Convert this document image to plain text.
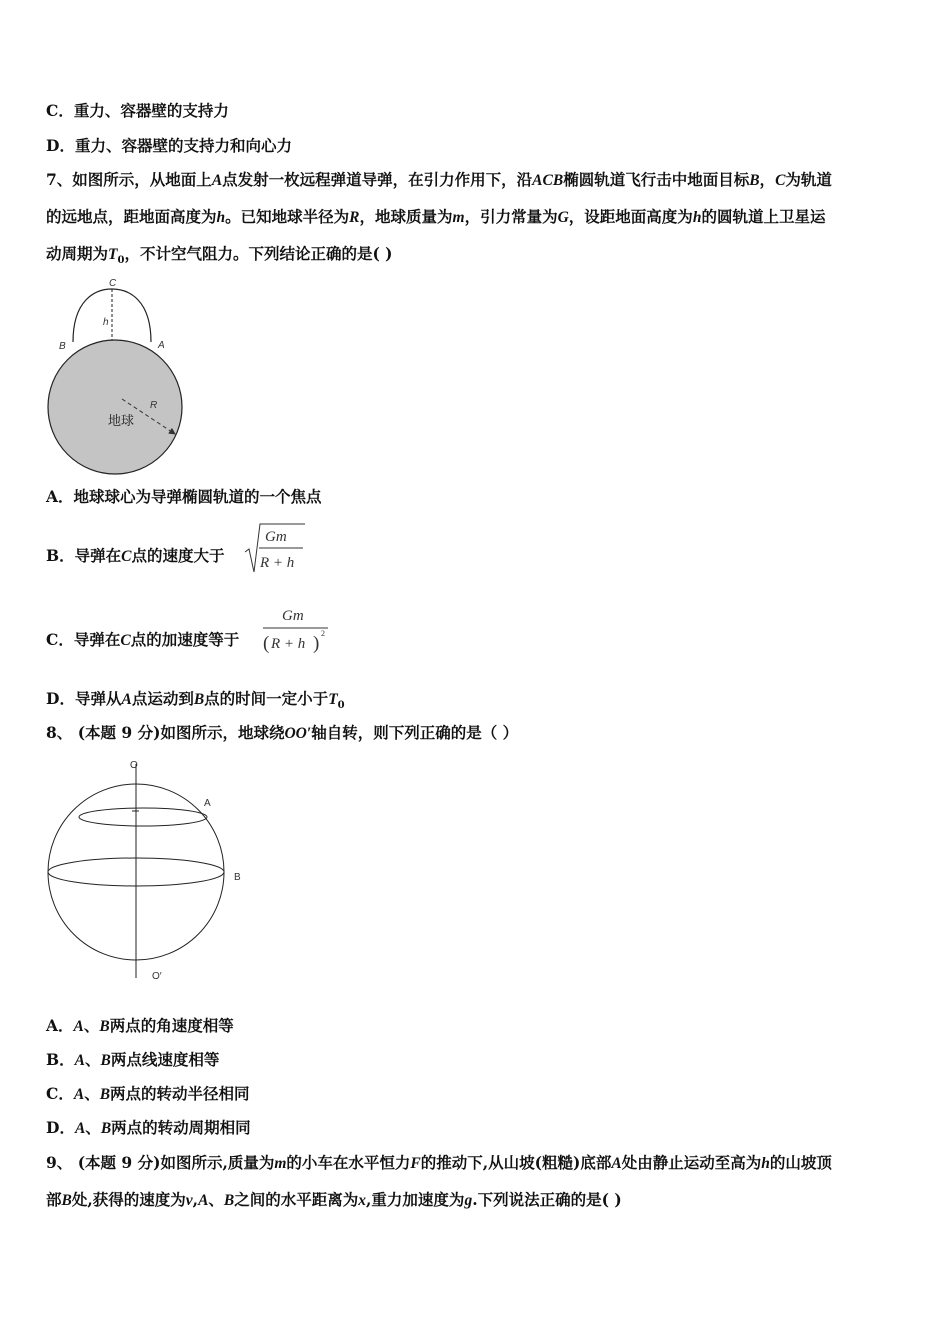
C．重力、容器壁的支持力
D．重力、容器壁的支持力和向心力
7、如图所示，从地面上A点发射一枚远程弹道导弹，在引力作用下，沿ACB椭圆轨道飞行击中地面目标B，C为轨道
的远地点，距地面高度为h。已知地球半径为R，地球质量为m，引力常量为G，设距地面高度为h的圆轨道上卫星运
动周期为$T_0$，不计空气阻力。下列结论正确的是( )
C
h
B	A
R
地球
A．地球球心为导弹椭圆轨道的一个焦点
B．导弹在C点的速度大于
Gm
R + h
C．导弹在C点的加速度等于
Gm
( R + h ) 2
D．导弹从A点运动到B点的时间一定小于$T_0$
8、 (本题 9 分)如图所示，地球绕OO′轴自转，则下列正确的是（ ）
O
A
B
O′
A．A、B两点的角速度相等
B．A、B两点线速度相等
C．A、B两点的转动半径相同
D．A、B两点的转动周期相同
9、 (本题 9 分)如图所示,质量为m的小车在水平恒力F的推动下,从山坡(粗糙)底部A处由静止运动至高为h的山坡顶
部B处,获得的速度为v,A、B之间的水平距离为x,重力加速度为g.下列说法正确的是( )
